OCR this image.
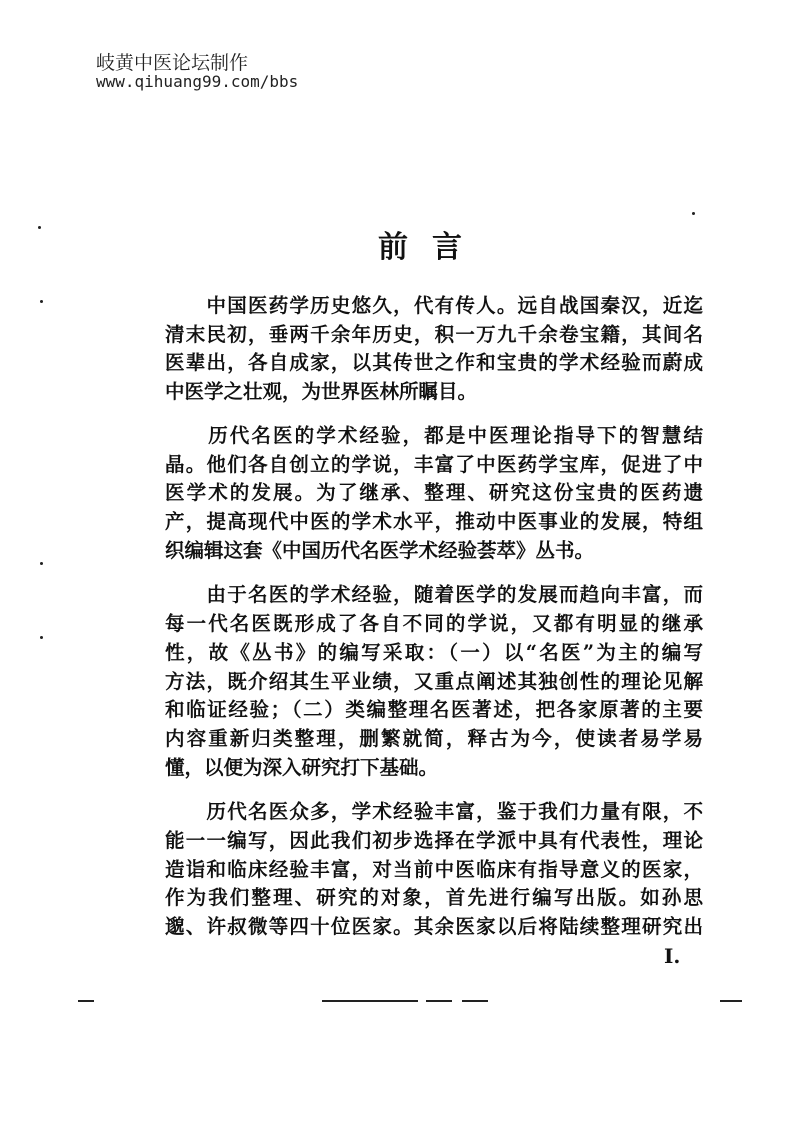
岐黄中医论坛制作
www.qihuang99.com/bbs
前言
　　中国医药学历史悠久，代有传人。远自战国秦汉，近迄
清末民初，垂两千余年历史，积一万九千余卷宝籍，其间名
医辈出，各自成家，以其传世之作和宝贵的学术经验而蔚成
中医学之壮观，为世界医林所瞩目。
　　历代名医的学术经验，都是中医理论指导下的智慧结
晶。他们各自创立的学说，丰富了中医药学宝库，促进了中
医学术的发展。为了继承、整理、研究这份宝贵的医药遗
产，提高现代中医的学术水平，推动中医事业的发展，特组
织编辑这套《中国历代名医学术经验荟萃》丛书。
　　由于名医的学术经验，随着医学的发展而趋向丰富，而
每一代名医既形成了各自不同的学说，又都有明显的继承
性，故《丛书》的编写采取：（一）以“名医”为主的编写
方法，既介绍其生平业绩，又重点阐述其独创性的理论见解
和临证经验；（二）类编整理名医著述，把各家原著的主要
内容重新归类整理，删繁就简，释古为今，使读者易学易
懂，以便为深入研究打下基础。
　　历代名医众多，学术经验丰富，鉴于我们力量有限，不
能一一编写，因此我们初步选择在学派中具有代表性，理论
造诣和临床经验丰富，对当前中医临床有指导意义的医家，
作为我们整理、研究的对象，首先进行编写出版。如孙思
邈、许叔微等四十位医家。其余医家以后将陆续整理研究出
I.
